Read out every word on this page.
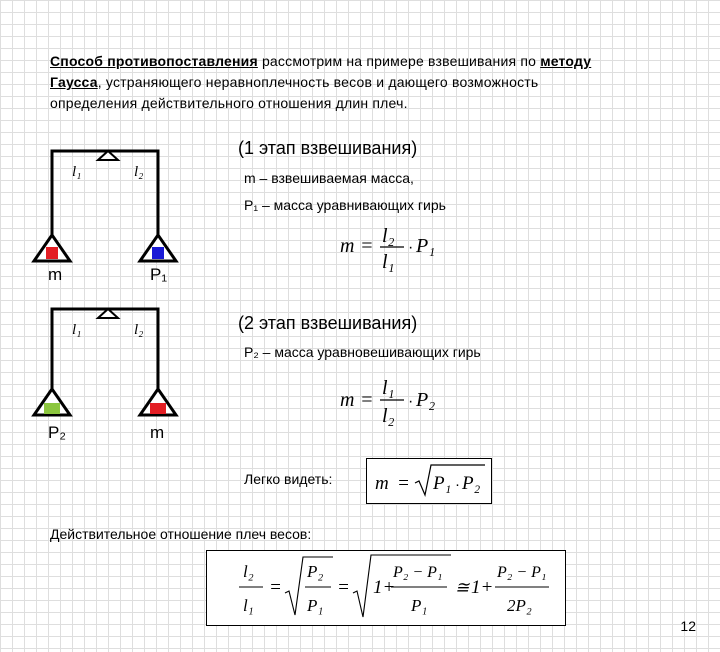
Способ противопоставления рассмотрим на примере взвешивания по методу Гаусса, устраняющего неравноплечность весов и дающего возможность определения действительного отношения длин плеч.
l₁	l₂
m	P₁
l₁	l₂
P₂	m
(1 этап взвешивания)
m – взвешиваемая масса,
P₁ – масса уравнивающих гирь
m = l₂
l₁
· P₁
(2 этап взвешивания)
P₂ – масса уравновешивающих гирь
m =
l₁
l₂
· P₂
Легко видеть: m = P₁ · P₂
Действительное отношение плеч весов:
l₂
l₁
=
P₂
P₁
= 1+
P₂ − P₁
P₁
≅ 1+
P₂ − P₁
2P₂
12
